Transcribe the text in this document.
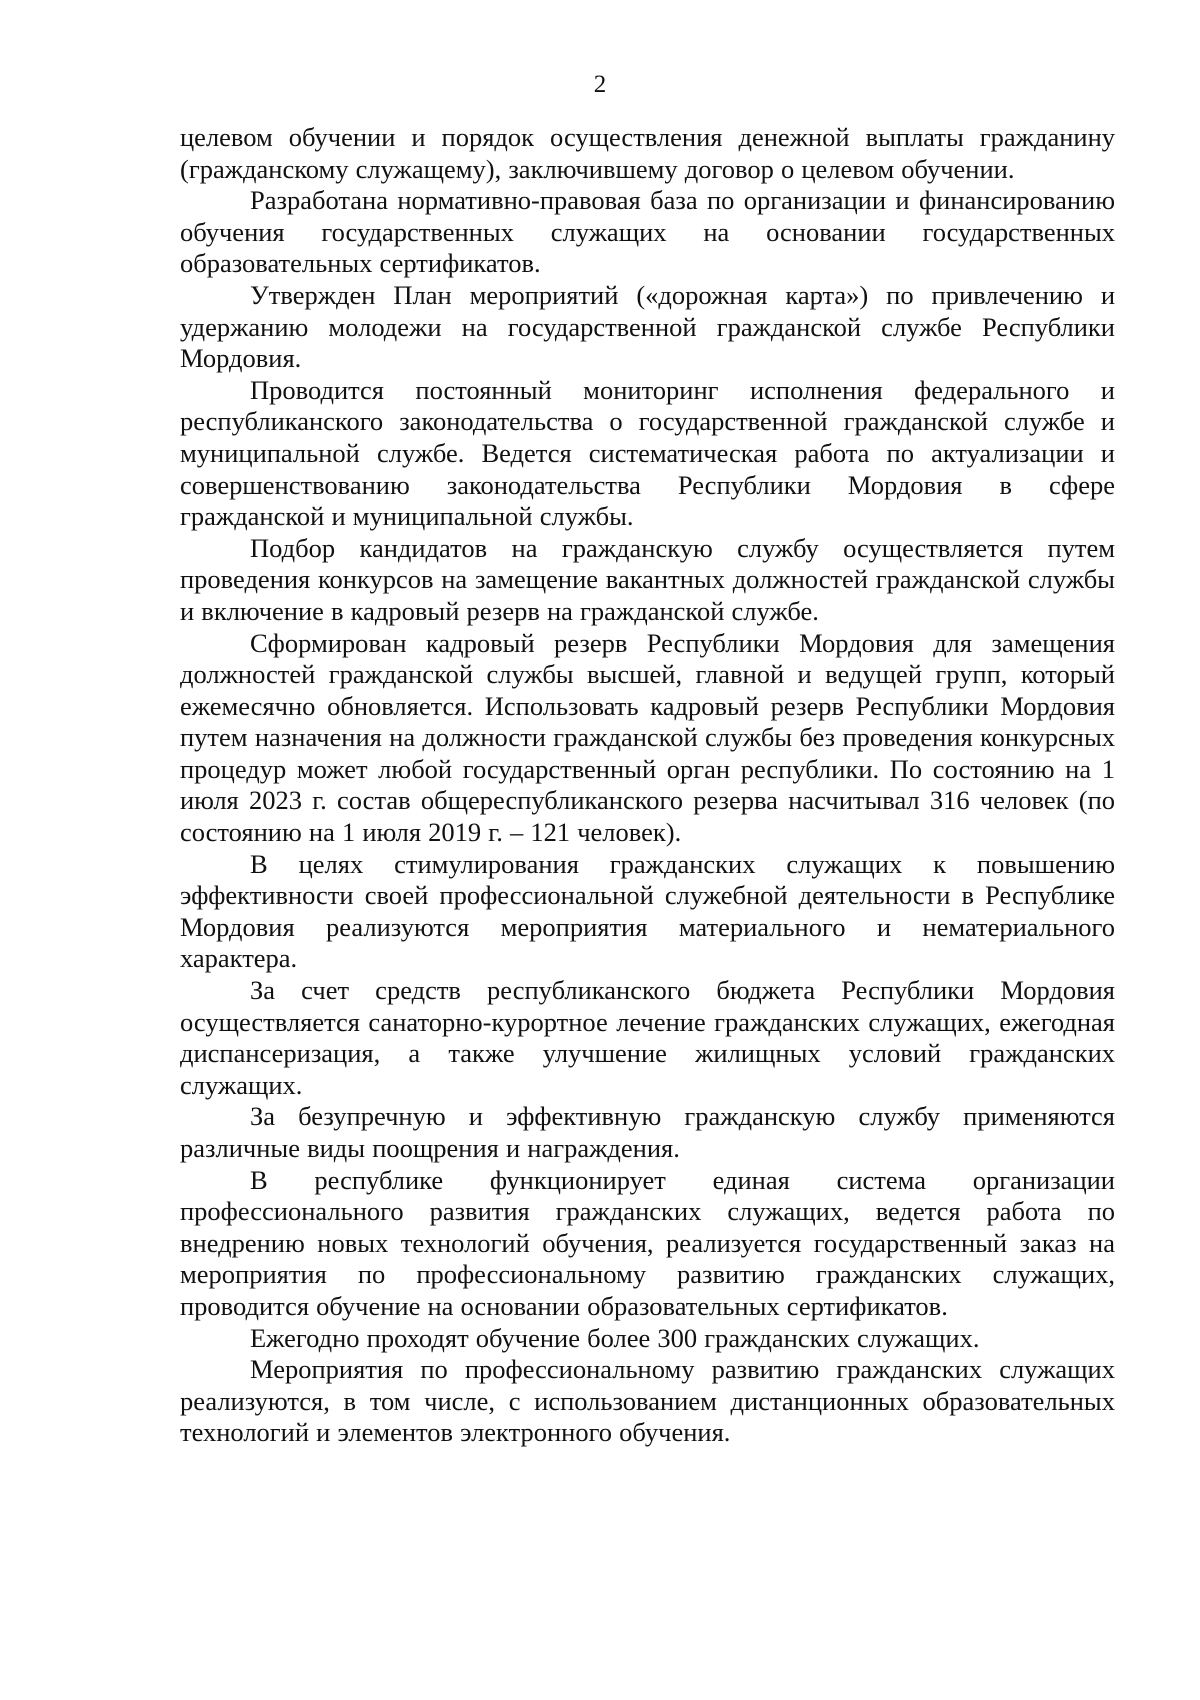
2

целевом обучении и порядок осуществления денежной выплаты гражданину (гражданскому служащему), заключившему договор о целевом обучении.

Разработана нормативно-правовая база по организации и финансированию обучения государственных служащих на основании государственных образовательных сертификатов.

Утвержден План мероприятий («дорожная карта») по привлечению и удержанию молодежи на государственной гражданской службе Республики Мордовия.

Проводится постоянный мониторинг исполнения федерального и республиканского законодательства о государственной гражданской службе и муниципальной службе. Ведется систематическая работа по актуализации и совершенствованию законодательства Республики Мордовия в сфере гражданской и муниципальной службы.

Подбор кандидатов на гражданскую службу осуществляется путем проведения конкурсов на замещение вакантных должностей гражданской службы и включение в кадровый резерв на гражданской службе.

Сформирован кадровый резерв Республики Мордовия для замещения должностей гражданской службы высшей, главной и ведущей групп, который ежемесячно обновляется. Использовать кадровый резерв Республики Мордовия путем назначения на должности гражданской службы без проведения конкурсных процедур может любой государственный орган республики. По состоянию на 1 июля 2023 г. состав общереспубликанского резерва насчитывал 316 человек (по состоянию на 1 июля 2019 г. – 121 человек).

В целях стимулирования гражданских служащих к повышению эффективности своей профессиональной служебной деятельности в Республике Мордовия реализуются мероприятия материального и нематериального характера.

За счет средств республиканского бюджета Республики Мордовия осуществляется санаторно-курортное лечение гражданских служащих, ежегодная диспансеризация, а также улучшение жилищных условий гражданских служащих.

За безупречную и эффективную гражданскую службу применяются различные виды поощрения и награждения.

В республике функционирует единая система организации профессионального развития гражданских служащих, ведется работа по внедрению новых технологий обучения, реализуется государственный заказ на мероприятия по профессиональному развитию гражданских служащих, проводится обучение на основании образовательных сертификатов.

Ежегодно проходят обучение более 300 гражданских служащих.

Мероприятия по профессиональному развитию гражданских служащих реализуются, в том числе, с использованием дистанционных образовательных технологий и элементов электронного обучения.
